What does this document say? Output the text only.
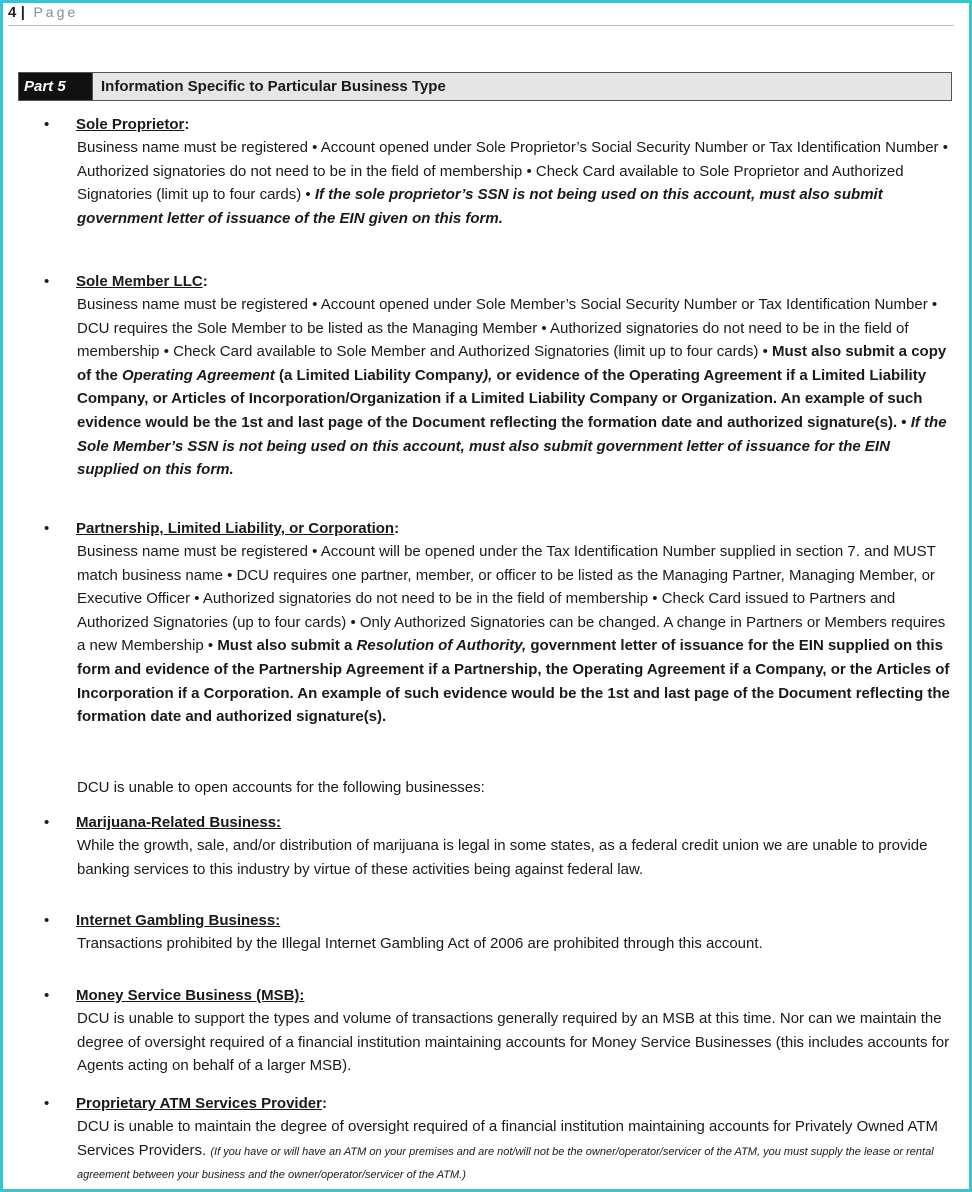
4 | Page
Part 5	Information Specific to Particular Business Type
•	Sole Proprietor:
Business name must be registered • Account opened under Sole Proprietor’s Social Security Number or Tax Identification Number • Authorized signatories do not need to be in the field of membership • Check Card available to Sole Proprietor and Authorized Signatories (limit up to four cards) • If the sole proprietor’s SSN is not being used on this account, must also submit government letter of issuance of the EIN given on this form.
•	Sole Member LLC:
Business name must be registered • Account opened under Sole Member’s Social Security Number or Tax Identification Number • DCU requires the Sole Member to be listed as the Managing Member • Authorized signatories do not need to be in the field of membership • Check Card available to Sole Member and Authorized Signatories (limit up to four cards) • Must also submit a copy of the Operating Agreement (a Limited Liability Company), or evidence of the Operating Agreement if a Limited Liability Company, or Articles of Incorporation/Organization if a Limited Liability Company or Organization. An example of such evidence would be the 1st and last page of the Document reflecting the formation date and authorized signature(s). • If the Sole Member’s SSN is not being used on this account, must also submit government letter of issuance for the EIN supplied on this form.
•	Partnership, Limited Liability, or Corporation:
Business name must be registered • Account will be opened under the Tax Identification Number supplied in section 7. and MUST match business name • DCU requires one partner, member, or officer to be listed as the Managing Partner, Managing Member, or Executive Officer • Authorized signatories do not need to be in the field of membership • Check Card issued to Partners and Authorized Signatories (up to four cards) • Only Authorized Signatories can be changed. A change in Partners or Members requires a new Membership • Must also submit a Resolution of Authority, government letter of issuance for the EIN supplied on this form and evidence of the Partnership Agreement if a Partnership, the Operating Agreement if a Company, or the Articles of Incorporation if a Corporation. An example of such evidence would be the 1st and last page of the Document reflecting the formation date and authorized signature(s).
DCU is unable to open accounts for the following businesses:
•	Marijuana-Related Business:
While the growth, sale, and/or distribution of marijuana is legal in some states, as a federal credit union we are unable to provide banking services to this industry by virtue of these activities being against federal law.
•	Internet Gambling Business:
Transactions prohibited by the Illegal Internet Gambling Act of 2006 are prohibited through this account.
•	Money Service Business (MSB):
DCU is unable to support the types and volume of transactions generally required by an MSB at this time. Nor can we maintain the degree of oversight required of a financial institution maintaining accounts for Money Service Businesses (this includes accounts for Agents acting on behalf of a larger MSB).
•	Proprietary ATM Services Provider:
DCU is unable to maintain the degree of oversight required of a financial institution maintaining accounts for Privately Owned ATM Services Providers. (If you have or will have an ATM on your premises and are not/will not be the owner/operator/servicer of the ATM, you must supply the lease or rental agreement between your business and the owner/operator/servicer of the ATM.)
